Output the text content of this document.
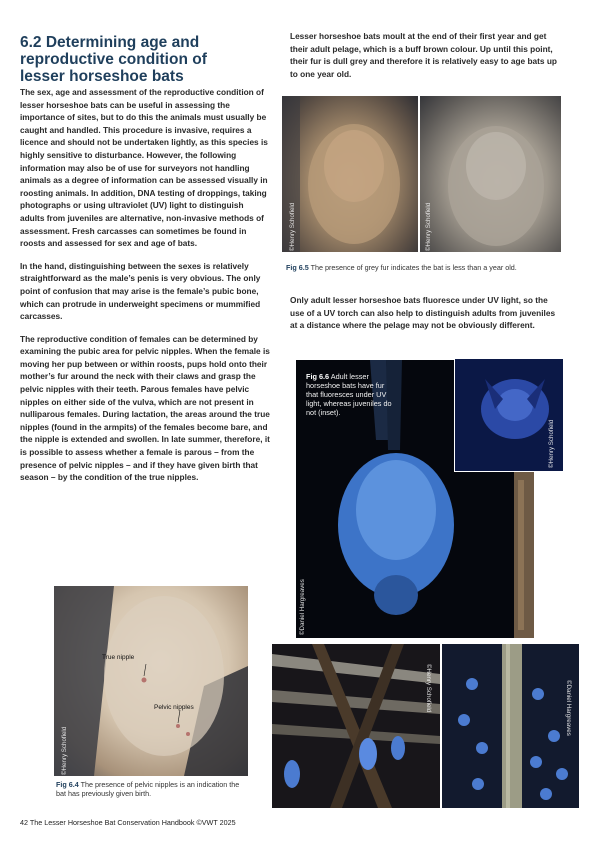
6.2 Determining age and reproductive condition of lesser horseshoe bats

The sex, age and assessment of the reproductive condition of lesser horseshoe bats can be useful in assessing the importance of sites, but to do this the animals must usually be caught and handled. This procedure is invasive, requires a licence and should not be undertaken lightly, as this species is highly sensitive to disturbance. However, the following information may also be of use for surveyors not handling animals as a degree of information can be assessed visually in roosting animals. In addition, DNA testing of droppings, taking photographs or using ultraviolet (UV) light to distinguish adults from juveniles are alternative, non-invasive methods of assessment. Fresh carcasses can sometimes be found in roosts and assessed for sex and age of bats.

In the hand, distinguishing between the sexes is relatively straightforward as the male’s penis is very obvious. The only point of confusion that may arise is the female’s pubic bone, which can protrude in underweight specimens or mummified carcasses.

The reproductive condition of females can be determined by examining the pubic area for pelvic nipples. When the female is moving her pup between or within roosts, pups hold onto their mother’s fur around the neck with their claws and grasp the pelvic nipples with their teeth. Parous females have pelvic nipples on either side of the vulva, which are not present in nulliparous females. During lactation, the areas around the true nipples (found in the armpits) of the females become bare, and the nipple is extended and swollen. In late summer, therefore, it is possible to assess whether a female is parous – from the presence of pelvic nipples – and if they have given birth that season – by the condition of the true nipples.

Lesser horseshoe bats moult at the end of their first year and get their adult pelage, which is a buff brown colour. Up until this point, their fur is dull grey and therefore it is relatively easy to age bats up to one year old.

©Henry Schofield	©Henry Schofield
Fig 6.5 The presence of grey fur indicates the bat is less than a year old.

Only adult lesser horseshoe bats fluoresce under UV light, so the use of a UV torch can also help to distinguish adults from juveniles at a distance where the pelage may not be obviously different.

©Daniel Hargreaves
Fig 6.6 Adult lesser horseshoe bats have fur that fluoresces under UV light, whereas juveniles do not (inset).
©Henry Schofield
©Henry Schofield	©Daniel Hargreaves
True nipple
Pelvic nipples
©Henry Schofield
Fig 6.4 The presence of pelvic nipples is an indication the bat has previously given birth.
42 The Lesser Horseshoe Bat Conservation Handbook ©VWT 2025
